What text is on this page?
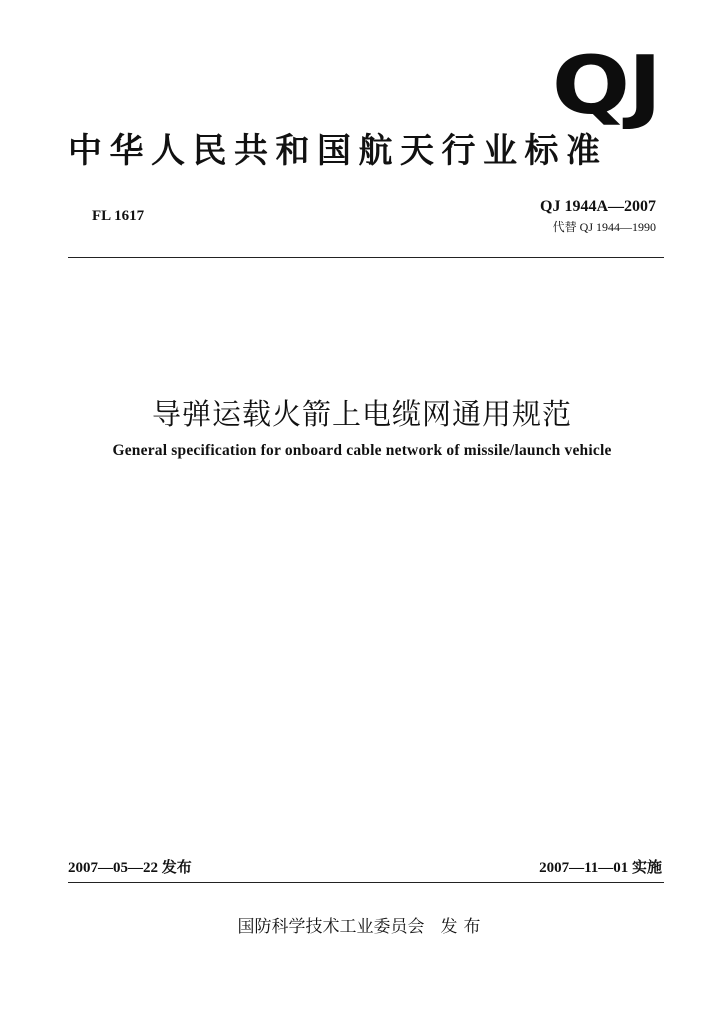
QJ
中华人民共和国航天行业标准
FL 1617
QJ 1944A—2007
代替 QJ 1944—1990
导弹运载火箭上电缆网通用规范
General specification for onboard cable network of missile/launch vehicle
2007—05—22 发布	2007—11—01 实施
国防科学技术工业委员会 发布
